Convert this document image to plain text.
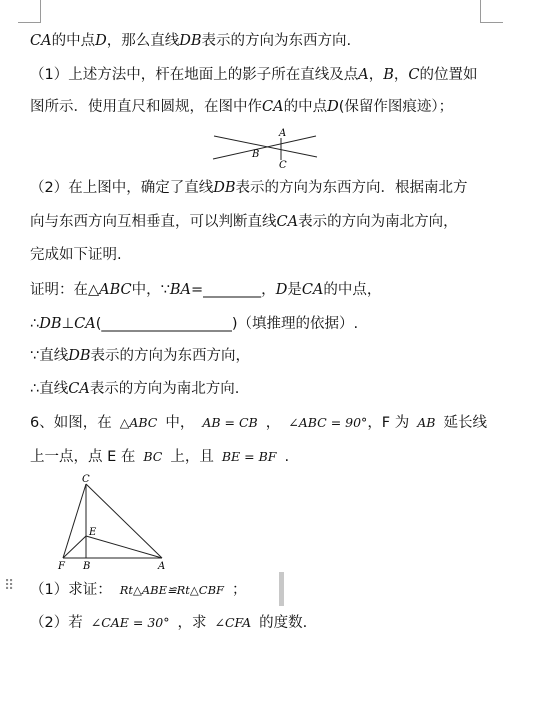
CA的中点D，那么直线DB表示的方向为东西方向.
（1）上述方法中，杆在地面上的影子所在直线及点A，B，C的位置如
图所示．使用直尺和圆规，在图中作CA的中点D(保留作图痕迹）；
A
B
C
（2）在上图中，确定了直线DB表示的方向为东西方向．根据南北方
向与东西方向互相垂直，可以判断直线CA表示的方向为南北方向，
完成如下证明.
证明：在△ABC中，∵BA=________，D是CA的中点，
∴DB⊥CA(__________________)（填推理的依据）.
∵直线DB表示的方向为东西方向，
∴直线CA表示的方向为南北方向.
6、如图，在 △ABC 中， AB = CB ， ∠ABC = 90°，F 为 AB 延长线
上一点，点 E 在 BC 上，且 BE = BF .
C
E
F B	A
⠿ （1）求证： Rt△ABE≌Rt△CBF ；
（2）若 ∠CAE = 30° ，求 ∠CFA 的度数.
